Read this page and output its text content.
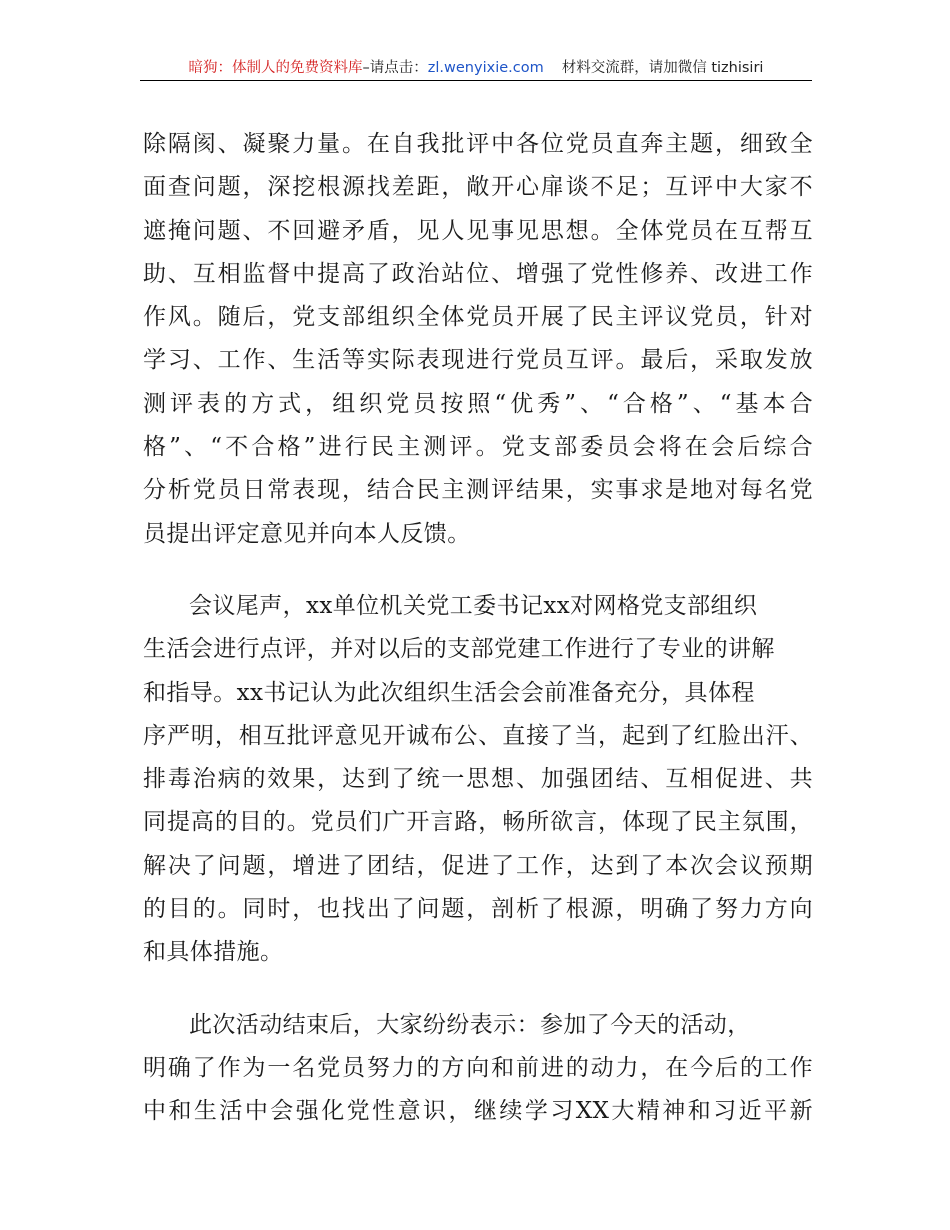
暗狗：体制人的免费资料库–请点击：zl.wenyixie.com 材料交流群，请加微信 tizhisiri
除隔阂、凝聚力量。在自我批评中各位党员直奔主题，细致全
面查问题，深挖根源找差距，敞开心扉谈不足；互评中大家不
遮掩问题、不回避矛盾，见人见事见思想。全体党员在互帮互
助、互相监督中提高了政治站位、增强了党性修养、改进工作
作风。随后，党支部组织全体党员开展了民主评议党员，针对
学习、工作、生活等实际表现进行党员互评。最后，采取发放
测评表的方式，组织党员按照“优秀”、“合格”、“基本合
格”、“不合格”进行民主测评。党支部委员会将在会后综合
分析党员日常表现，结合民主测评结果，实事求是地对每名党
员提出评定意见并向本人反馈。
会议尾声，xx单位机关党工委书记xx对网格党支部组织
生活会进行点评，并对以后的支部党建工作进行了专业的讲解
和指导。xx书记认为此次组织生活会会前准备充分，具体程
序严明，相互批评意见开诚布公、直接了当，起到了红脸出汗、
排毒治病的效果，达到了统一思想、加强团结、互相促进、共
同提高的目的。党员们广开言路，畅所欲言，体现了民主氛围，
解决了问题，增进了团结，促进了工作，达到了本次会议预期
的目的。同时，也找出了问题，剖析了根源，明确了努力方向
和具体措施。
此次活动结束后，大家纷纷表示：参加了今天的活动，
明确了作为一名党员努力的方向和前进的动力，在今后的工作
中和生活中会强化党性意识，继续学习XX大精神和习近平新
